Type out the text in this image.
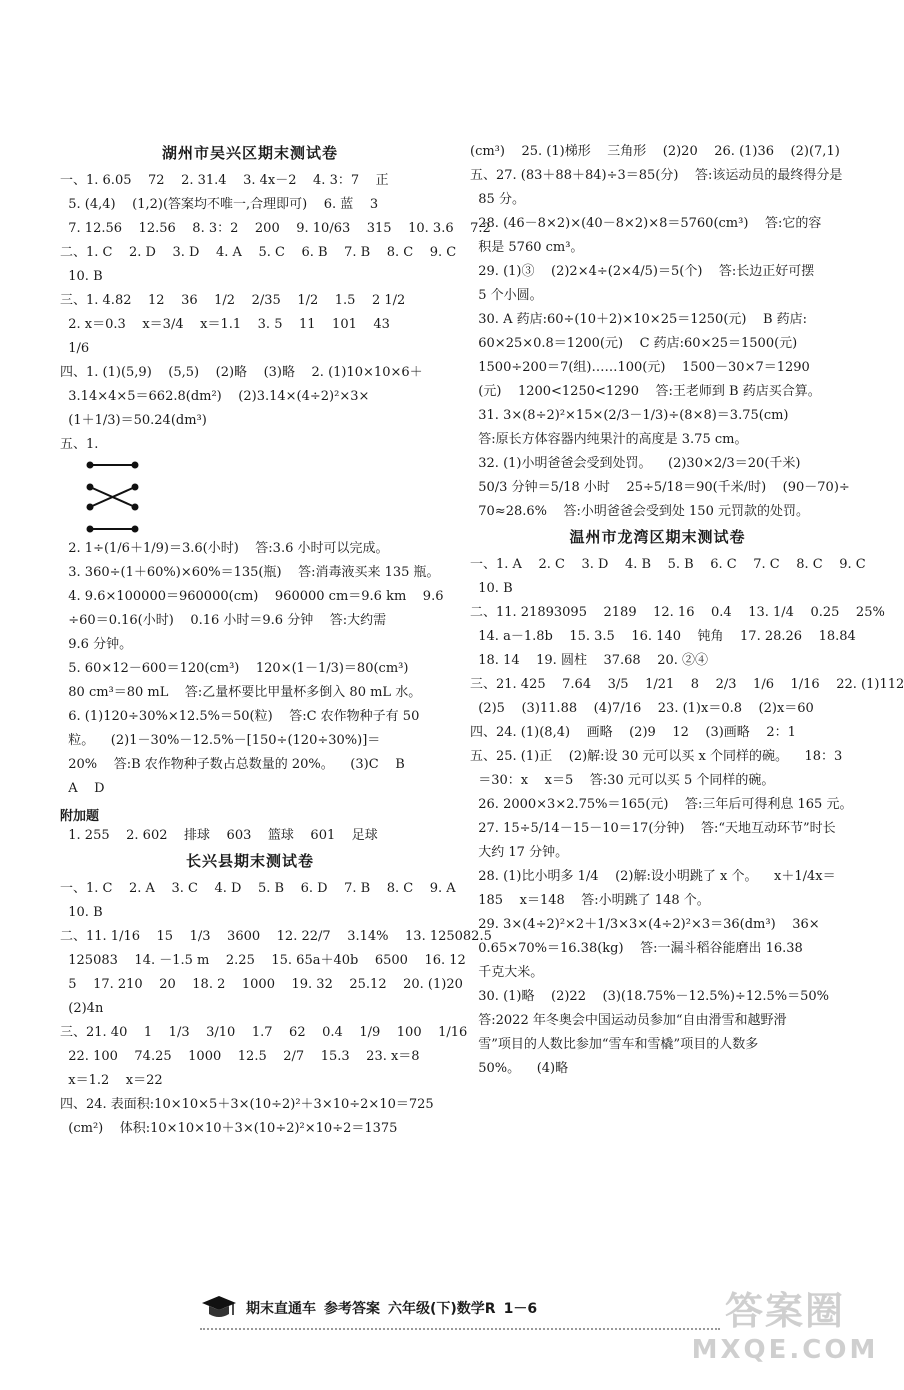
湖州市吴兴区期末测试卷
一、1. 6.05    72    2. 31.4    3. 4x－2    4. 3：7    正
5. (4,4)    (1,2)(答案均不唯一,合理即可)    6. 蓝    3
7. 12.56    12.56    8. 3：2    200    9. 10/63    315    10. 3.6    7.2
二、1. C    2. D    3. D    4. A    5. C    6. B    7. B    8. C    9. C
10. B
三、1. 4.82    12    36    1/2    2/35    1/2    1.5    2 1/2
2. x＝0.3    x＝3/4    x＝1.1    3. 5    11    101    43
1/6
四、1. (1)(5,9)    (5,5)    (2)略    (3)略    2. (1)10×10×6＋
3.14×4×5＝662.8(dm²)    (2)3.14×(4÷2)²×3×
(1＋1/3)＝50.24(dm³)
五、1.
2. 1÷(1/6＋1/9)＝3.6(小时)    答:3.6 小时可以完成。
3. 360÷(1＋60%)×60%＝135(瓶)    答:消毒液买来 135 瓶。
4. 9.6×100000＝960000(cm)    960000 cm＝9.6 km    9.6
÷60＝0.16(小时)    0.16 小时＝9.6 分钟    答:大约需
9.6 分钟。
5. 60×12－600＝120(cm³)    120×(1－1/3)＝80(cm³)
80 cm³＝80 mL    答:乙量杯要比甲量杯多倒入 80 mL 水。
6. (1)120÷30%×12.5%＝50(粒)    答:C 农作物种子有 50
粒。    (2)1－30%－12.5%－[150÷(120÷30%)]＝
20%    答:B 农作物种子数占总数量的 20%。    (3)C    B
A    D
附加题
1. 255    2. 602    排球    603    篮球    601    足球
长兴县期末测试卷
一、1. C    2. A    3. C    4. D    5. B    6. D    7. B    8. C    9. A
10. B
二、11. 1/16    15    1/3    3600    12. 22/7    3.14%    13. 125082.5
125083    14. －1.5 m    2.25    15. 65a＋40b    6500    16. 12
5    17. 210    20    18. 2    1000    19. 32    25.12    20. (1)20
(2)4n
三、21. 40    1    1/3    3/10    1.7    62    0.4    1/9    100    1/16
22. 100    74.25    1000    12.5    2/7    15.3    23. x＝8
x＝1.2    x＝22
四、24. 表面积:10×10×5＋3×(10÷2)²＋3×10÷2×10＝725
(cm²)    体积:10×10×10＋3×(10÷2)²×10÷2＝1375
(cm³)    25. (1)梯形    三角形    (2)20    26. (1)36    (2)(7,1)
五、27. (83＋88＋84)÷3＝85(分)    答:该运动员的最终得分是
85 分。
28. (46－8×2)×(40－8×2)×8＝5760(cm³)    答:它的容
积是 5760 cm³。
29. (1)③    (2)2×4÷(2×4/5)＝5(个)    答:长边正好可摆
5 个小圆。
30. A 药店:60÷(10＋2)×10×25＝1250(元)    B 药店:
60×25×0.8＝1200(元)    C 药店:60×25＝1500(元)
1500÷200＝7(组)……100(元)    1500－30×7＝1290
(元)    1200<1250<1290    答:王老师到 B 药店买合算。
31. 3×(8÷2)²×15×(2/3－1/3)÷(8×8)＝3.75(cm)
答:原长方体容器内纯果汁的高度是 3.75 cm。
32. (1)小明爸爸会受到处罚。    (2)30×2/3＝20(千米)
50/3 分钟＝5/18 小时    25÷5/18＝90(千米/时)    (90－70)÷
70≈28.6%    答:小明爸爸会受到处 150 元罚款的处罚。
温州市龙湾区期末测试卷
一、1. A    2. C    3. D    4. B    5. B    6. C    7. C    8. C    9. C
10. B
二、11. 21893095    2189    12. 16    0.4    13. 1/4    0.25    25%
14. a－1.8b    15. 3.5    16. 140    钝角    17. 28.26    18.84
18. 14    19. 圆柱    37.68    20. ②④
三、21. 425    7.64    3/5    1/21    8    2/3    1/6    1/16    22. (1)112
(2)5    (3)11.88    (4)7/16    23. (1)x＝0.8    (2)x＝60
四、24. (1)(8,4)    画略    (2)9    12    (3)画略    2：1
五、25. (1)正    (2)解:设 30 元可以买 x 个同样的碗。    18：3
＝30：x    x＝5    答:30 元可以买 5 个同样的碗。
26. 2000×3×2.75%＝165(元)    答:三年后可得利息 165 元。
27. 15÷5/14－15－10＝17(分钟)    答:“天地互动环节”时长
大约 17 分钟。
28. (1)比小明多 1/4    (2)解:设小明跳了 x 个。    x＋1/4x＝
185    x＝148    答:小明跳了 148 个。
29. 3×(4÷2)²×2＋1/3×3×(4÷2)²×3＝36(dm³)    36×
0.65×70%＝16.38(kg)    答:一漏斗稻谷能磨出 16.38
千克大米。
30. (1)略    (2)22    (3)(18.75%－12.5%)÷12.5%＝50%
答:2022 年冬奥会中国运动员参加“自由滑雪和越野滑
雪”项目的人数比参加“雪车和雪橇”项目的人数多
50%。    (4)略
期末直通车 参考答案 六年级(下)数学R 1－6	答案圈
MXQE.COM
